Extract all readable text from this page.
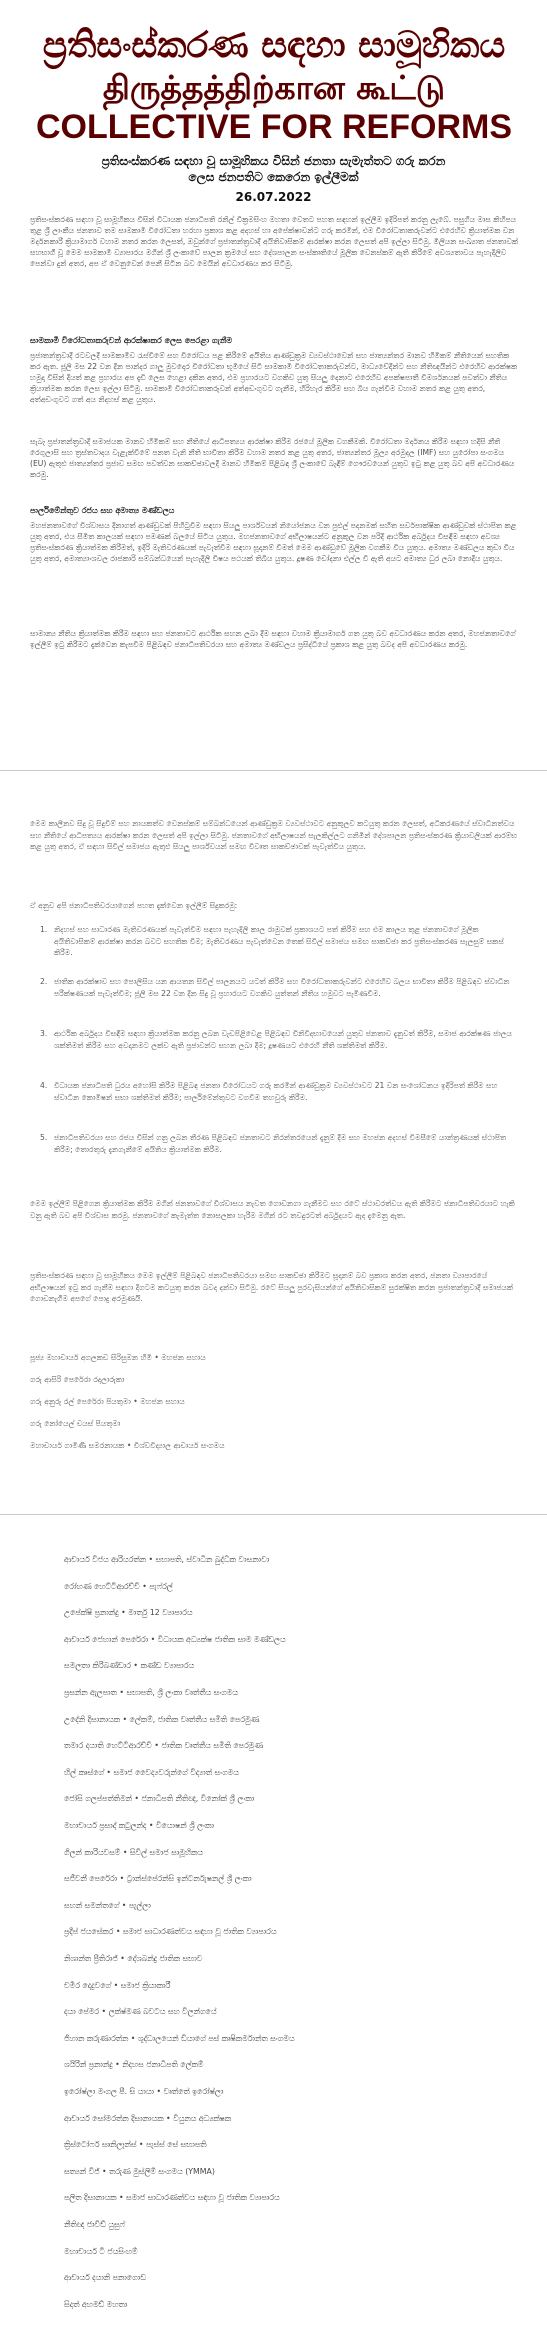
ප්‍රතිසංස්කරණ සඳහා සාමූහිකය
திருத்தத்திற்கான கூட்டு
COLLECTIVE FOR REFORMS
ප්‍රතිසංස්කරණ සඳහා වූ සාමූහිකය විසින් ජනතා සැමැත්තට ගරු කරන
ලෙස ජනපතිට කෙරෙන ඉල්ලීමක්
26.07.2022
ප්‍රතිසංස්කරණ සඳහා වූ සාමූහිකය විසින් විධායක ජනාධිපති රනිල් වික්‍රමසිංහ මහතා වෙතට පහත සඳහන් ඉල්ලීම ඉදිරිපත් කරනු ලැබේ. පසුගිය මාස කිහිපය තුළ ශ්‍රී ලාංකීය ජනතාව තම සාමකාමී විරෝධතා හරහා ප්‍රකාශ කළ අදහස් හා අපේක්ෂාවන්ට ගරු කරමින්, එම විරෝධතාකරුවන්ට එරෙහිව ක්‍රියාත්මක වන මර්දනකාරී ක්‍රියාමාර්ග වහාම නතර කරන ලෙසත්, ඔවුන්ගේ ප්‍රජාතන්ත්‍රවාදී අයිතිවාසිකම් ආරක්ෂා කරන ලෙසත් අපි ඉල්ලා සිටිමු. මිලියන සංඛ්‍යාත ජනතාවක් සහභාගී වූ මෙම සාමකාමී ව්‍යාපාරය මගින් ශ්‍රී ලංකාවේ පාලන ක්‍රමයේ සහ දේශපාලන සංස්කෘතියේ මූලික වෙනස්කම් ඇති කිරීමේ අවශ්‍යතාවය පැහැදිලිව පෙන්වා දුන් අතර, අප ඒ වෙනුවෙන් පෙනී සිටින බව මෙයින් අවධාරණය කර සිටිමු.
සාමකාමී විරෝධතාකරුවන් ආරක්ෂාකර ලෙස පෙරළා ගැනීම
ප්‍රජාතන්ත්‍රවාදී රටවලදී සාමකාමීව රැස්වීමේ සහ විරෝධය පළ කිරීමේ අයිතිය ආණ්ඩුක්‍රම ව්‍යවස්ථාවෙන් සහ ජාත්‍යන්තර මානව හිමිකම් නීතියෙන් සහතික කර ඇත. ජූලි මස 22 වන දින පාන්දර ගාලු මුවදොර විරෝධතා භූමියේ සිටි සාමකාමී විරෝධතාකරුවන්ට, මාධ්‍යවේදීන්ට සහ නීතිඥයින්ට එරෙහිව ආරක්ෂක හමුදා විසින් දියත් කළ ප්‍රහාරය අප දැඩි ලෙස හෙළා දකින අතර, එම ප්‍රහාරයට වගකිව යුතු සියලු දෙනාට එරෙහිව අපක්ෂපාතී විමර්ශනයක් පවත්වා නීතිය ක්‍රියාත්මක කරන ලෙස ඉල්ලා සිටිමු. සාමකාමී විරෝධතාකරුවන් අත්අඩංගුවට ගැනීම, හිරිහැර කිරීම සහ බිය ගැන්වීම වහාම නතර කළ යුතු අතර, අත්අඩංගුවට ගත් අය නිදහස් කළ යුතුය.
සැබෑ ප්‍රජාතන්ත්‍රවාදී සමාජයක මානව හිමිකම් සහ නීතියේ ආධිපත්‍යය ආරක්ෂා කිරීම රජයේ මූලික වගකීමකි. විරෝධතා මර්දනය කිරීම සඳහා හදිසි නීති රෙගුලාසි සහ ත්‍රස්තවාදය වැළැක්වීමේ පනත වැනි නීති භාවිතා කිරීම වහාම නතර කළ යුතු අතර, ජාත්‍යන්තර මූල්‍ය අරමුදල (IMF) සහ යුරෝපා සංගමය (EU) ඇතුළු ජාත්‍යන්තර ප්‍රජාව සමඟ පවත්වන සාකච්ඡාවලදී මානව හිමිකම් පිළිබඳ ශ්‍රී ලංකාවේ බැඳීම් ගෞරවයෙන් යුතුව ඉටු කළ යුතු බව අපි අවධාරණය කරමු.
පාර්ලිමේන්තුව රජය සහ අමාත්‍ය මණ්ඩලය
මහජනතාවගේ විශ්වාසය දිනාගත් ආණ්ඩුවක් පිහිටුවීම සඳහා සියලු පාර්ශ්වයන් නියෝජනය වන පුළුල් පදනමක් සහිත සර්වපාක්ෂික ආණ්ඩුවක් ස්ථාපිත කළ යුතු අතර, එය සීමිත කාලයක් සඳහා පමණක් බලයේ සිටිය යුතුය. මහජනතාවගේ අභිලාෂයන්ට අනුකූල වන පරිදි ආර්ථික අර්බුදය විසඳීම සඳහා අවශ්‍ය ප්‍රතිසංස්කරණ ක්‍රියාත්මක කිරීමත්, ඉදිරි මැතිවරණයක් පැවැත්වීම සඳහා සූදානම් වීමත් මෙම ආණ්ඩුවේ මූලික වගකීම විය යුතුය. අමාත්‍ය මණ්ඩලය කුඩා විය යුතු අතර, අමාත්‍යාංශවල රාජකාරි සම්බන්ධයෙන් පැහැදිලි විෂය පථයක් තිබිය යුතුය. දූෂණ චෝදනා එල්ල වී ඇති අයට අමාත්‍ය ධුර ලබා නොදිය යුතුය.
සාමාන්‍ය නීතිය ක්‍රියාත්මක කිරීම සඳහා සහ ජනතාවට ආර්ථික සහන ලබා දීම සඳහා වහාම ක්‍රියාමාර්ග ගත යුතු බව අවධාරණය කරන අතර, මහජනතාවගේ ඉල්ලීම් ඉටු කිරීමට දැක්වෙන කැපවීම පිළිබඳව ජනාධිපතිවරයා සහ අමාත්‍ය මණ්ඩලය ප්‍රසිද්ධියේ ප්‍රකාශ කළ යුතු බවද අපි අවධාරණය කරමු.
මෙම කාලීනව සිදු වූ සිදුවීම් සහ නායකත්ව වෙනස්කම් සම්බන්ධයෙන් ආණ්ඩුක්‍රම ව්‍යවස්ථාවට අනුකූලව කටයුතු කරන ලෙසත්, අධිකරණයේ ස්වාධීනත්වය සහ නීතියේ ආධිපත්‍යය ආරක්ෂා කරන ලෙසත් අපි ඉල්ලා සිටිමු. ජනතාවගේ අභිලාෂයන් සැලකිල්ලට ගනිමින් දේශපාලන ප්‍රතිසංස්කරණ ක්‍රියාවලියක් ආරම්භ කළ යුතු අතර, ඒ සඳහා සිවිල් සමාජය ඇතුළු සියලු පාර්ශ්වයන් සමඟ විවෘත සාකච්ඡාවක් පැවැත්විය යුතුය.
ඒ අනුව අපි ජනාධිපතිවරයාගෙන් පහත දැක්වෙන ඉල්ලීම් සිදුකරමු:
1. නිදහස් සහ සාධාරණ මැතිවරණයක් පැවැත්වීම සඳහා පැහැදිලි කාල රාමුවක් ප්‍රකාශයට පත් කිරීම සහ එම කාලය තුළ ජනතාවගේ මූලික අයිතිවාසිකම් ආරක්ෂා කරන බවට සහතික වීම; මැතිවරණය පැවැත්වෙන තෙක් සිවිල් සමාජය සමඟ සාකච්ඡා කර ප්‍රතිසංස්කරණ සැලසුම් සකස් කිරීම.
2. ජාතික ආරක්ෂාව සහ පොලිසිය යන ආයතන සිවිල් පාලනයට යටත් කිරීම සහ විරෝධතාකරුවන්ට එරෙහිව බලය භාවිතා කිරීම පිළිබඳව ස්වාධීන පරීක්ෂණයක් පැවැත්වීම; ජූලි මස 22 වන දින සිදු වූ ප්‍රහාරයට වගකිව යුත්තන් නීතිය හමුවට පැමිණවීම.
3. ආර්ථික අර්බුදය විසඳීම සඳහා ක්‍රියාත්මක කරනු ලබන වැඩපිළිවෙළ පිළිබඳව විනිවිදභාවයෙන් යුතුව ජනතාව දැනුවත් කිරීම, සමාජ ආරක්ෂණ ජාලය ශක්තිමත් කිරීම සහ අවදානමට ලක්ව ඇති ප්‍රජාවන්ට සහන ලබා දීම; දූෂණයට එරෙහි නීති ශක්තිමත් කිරීම.
4. විධායක ජනාධිපති ධුරය අහෝසි කිරීම පිළිබඳ ජනතා විරෝධයට ගරු කරමින් ආණ්ඩුක්‍රම ව්‍යවස්ථාවට 21 වන සංශෝධනය ඉදිරිපත් කිරීම සහ ස්වාධීන කොමිෂන් සභා ශක්තිමත් කිරීම; පාර්ලිමේන්තුවට වගවීම තහවුරු කිරීම.
5. ජනාධිපතිවරයා සහ රජය විසින් ගනු ලබන තීරණ පිළිබඳව ජනතාවට නිරන්තරයෙන් දැනුම් දීම සහ මහජන අදහස් විමසීමේ යාන්ත්‍රණයක් ස්ථාපිත කිරීම; තොරතුරු දැනගැනීමේ අයිතිය ක්‍රියාත්මක කිරීම.
මෙම ඉල්ලීම් පිළිගෙන ක්‍රියාත්මක කිරීම මගින් ජනතාවගේ විශ්වාසය නැවත ගොඩනගා ගැනීමට සහ රටේ ස්ථාවරත්වය ඇති කිරීමට ජනාධිපතිවරයාට හැකි වනු ඇති බව අපි විශ්වාස කරමු. ජනතාවගේ කැමැත්ත නොසලකා හැරීම මගින් රට තවදුරටත් අර්බුදයට ඇද දැමෙනු ඇත.
ප්‍රතිසංස්කරණ සඳහා වූ සාමූහිකය මෙම ඉල්ලීම් පිළිබඳව ජනාධිපතිවරයා සමඟ සාකච්ඡා කිරීමට සූදානම් බව ප්‍රකාශ කරන අතර, ජනතා ව්‍යාපාරයේ අභිලාෂයන් ඉටු කර ගැනීම සඳහා දිගටම කටයුතු කරන බවද දන්වා සිටිමු. රටේ සියලු පුරවැසියන්ගේ අයිතිවාසිකම් සුරක්ෂිත කරන ප්‍රජාතන්ත්‍රවාදී සමාජයක් ගොඩනැගීම අපගේ පොදු අරමුණයි.
පූජ්‍ය මහාචාර්ය අගලකඩ සිරිසුමන හිමි • මහජන සහාය
ගරු ආසිරි පෙරේරා රදලාරුකා
ගරු අනුරු රල් පෙරේරා පියතුමා • මහජන සහාය
ගරු නෝයෙල් චයස් පියතුමා
මහාචාර්ය ගාමිණි සමරනායක • විශ්වවිද්‍යාල ආචාර්ය සංගමය
ආචාර්ය විජය ආරියරත්න • සභාපති, ස්වාධීන බුද්ධික වාසනාවා
රෝහණ හෙට්ටිආරච්චි • පැෆ්රල්
උපේක්ෂි ප්‍රනාන්දු • මාර්තු 12 ව්‍යාපාරය
ආචාර්ය ජෙහාන් පෙරේරා • විධායක අධ්‍යක්ෂ ජාතික සාම මණ්ඩලය
සමලතා කිරිබණ්ඩාර • කණ්ඩ ව්‍යාපාරය
ප්‍රසන්න ඇලපාත • සභාපති, ශ්‍රී ලංකා වෘත්තීය සංගමය
උදේනි දිසානායක • ලේකම්, ජාතික වෘත්තීය සමිති පෙරමුණ
තමාර දයාති හෙට්ටිආරච්චි • ජාතික වෘත්තීය සමිති පෙරමුණ
හිල් ක්‍රුස්ගේ • සමාජ වෛද්‍යවරුන්ගේ විද්‍යාත් සංගමය
ජෝසි ගලප්පත්තිමන් • ජනාධිපති නීතිඥ, විනෝක් ශ්‍රී ලංකා
මහාචාර්ය ප්‍රසාද් කටුලන්ද • වියොෂන් ශ්‍රී ලංකා
ගිලන් කාරියවසම් • සිවිල් සමාජ සාමූහිකය
සජීවනී පෙරේරා • ට්‍රාන්ස්පේරන්සි ඉන්ටර්නැෂනල් ශ්‍රී ලංකා
සහන් සමන්තගේ • පැල්ලා
ප්‍රදීප් ජයසේකර • සමාජ සාධාරණත්වය සඳහා වූ ජාතික ව්‍යාපාරය
නිශාන්ත ප්‍රීතිරාජ් • දේශබන්දු ජාතික සභාව
චමීර දෙදුවගේ • සමාජ ක්‍රියාකාරී
දයා පේමර • ලක්ෂ්මණ බවටය සහ විලන්ගයේ
ජිහාන කරුණාරත්න • ශුද්ධාලයෙන් ඩියාගේ පස් කෘෂිකර්මාන්ත සංගමය
ශයිරින් ප්‍රනාන්දු • නිදහස ජනාධිපති ලේකම්
ඉරෝෂ්ලා මංගල පී. සි යායා • වෘත්තේ ඉරෝෂ්ලා
ආචාර්ය සෝමරත්න දිසානායක • වියුනය අධ්‍යක්ෂක
ක්‍රිස්ටෝෆර් සෘනිලෑන්ස් • පැස්ස් සේ සභාපති
සත්‍යන් විජ් • තරුණ මුස්ලිම් සංගමය (YMMA)
පලිත දිසානායක • සමාජ සාධාරණත්වය සඳහා වූ ජාතික ව්‍යාපාරය
නීතිඥ ජාවිඩ් යුසුෆ්
මහාචාර්ය ටී ජයසිංහම්
ආචාර්ය දයානි පනාගොඩ
සිදත් අහමඩ් මහතා
